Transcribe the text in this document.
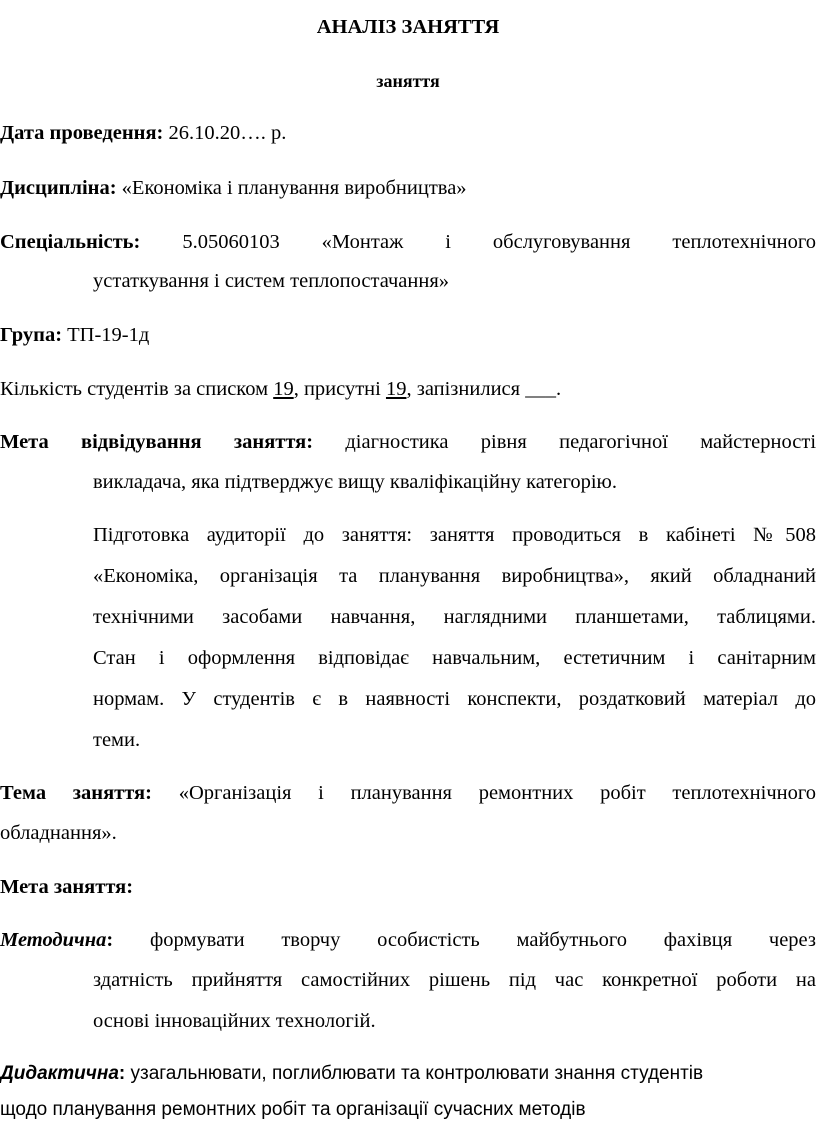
АНАЛІЗ ЗАНЯТТЯ
заняття
Дата проведення: 26.10.20…. р.
Дисципліна: «Економіка і планування виробництва»
Спеціальність: 5.05060103 «Монтаж і обслуговування теплотехнічного
устаткування і систем теплопостачання»
Група: ТП-19-1д
Кількість студентів за списком 19, присутні 19, запізнилися ___.
Мета відвідування заняття: діагностика рівня педагогічної майстерності
викладача, яка підтверджує вищу кваліфікаційну категорію.
Підготовка аудиторії до заняття: заняття проводиться в кабінеті №508
«Економіка, організація та планування виробництва», який обладнаний
технічними засобами навчання, наглядними планшетами, таблицями.
Стан і оформлення відповідає навчальним, естетичним і санітарним
нормам. У студентів є в наявності конспекти, роздатковий матеріал до
теми.
Тема заняття: «Організація і планування ремонтних робіт теплотехнічного
обладнання».
Мета заняття:
Методична: формувати творчу особистість майбутнього фахівця через
здатність прийняття самостійних рішень під час конкретної роботи на
основі інноваційних технологій.
Дидактична: узагальнювати, поглиблювати та контролювати знання студентів
щодо планування ремонтних робіт та організації сучасних методів
